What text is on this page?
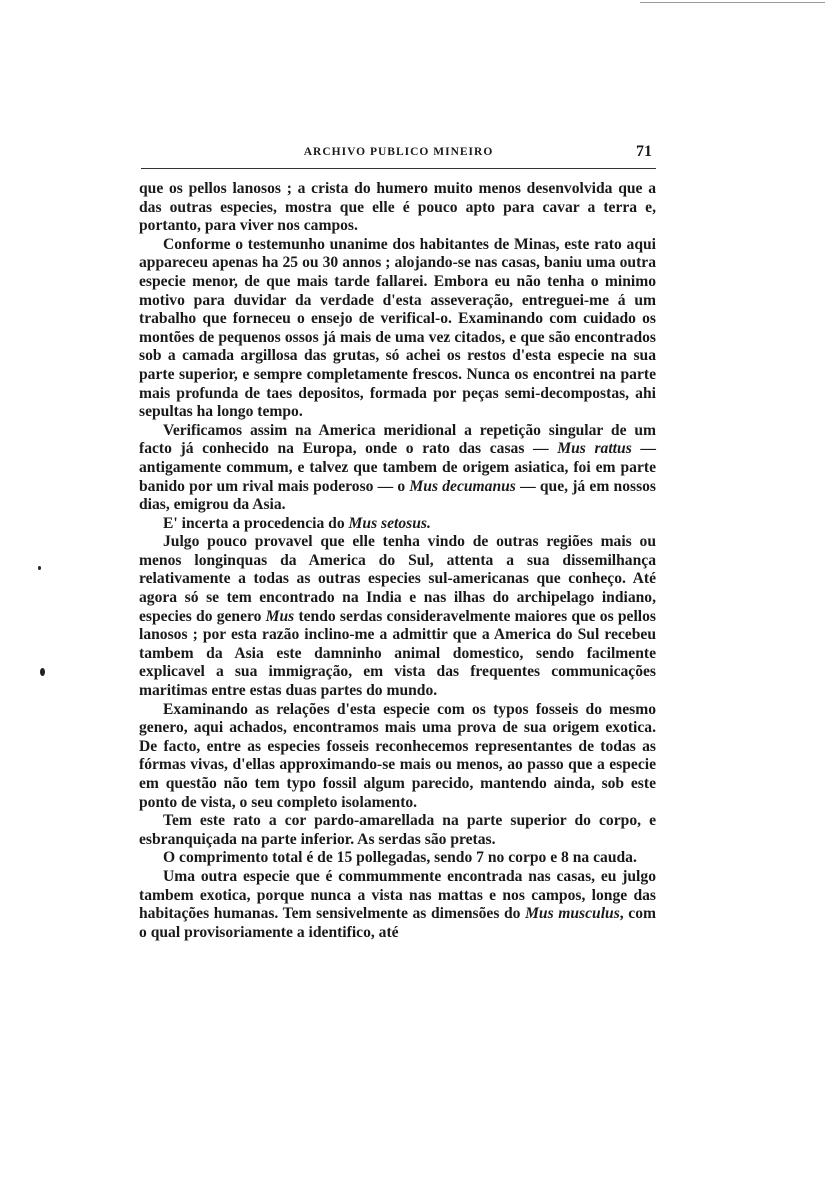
ARCHIVO PUBLICO MINEIRO	71

que os pellos lanosos ; a crista do humero muito menos desenvolvida que a das outras especies, mostra que elle é pouco apto para cavar a terra e, portanto, para viver nos campos.

Conforme o testemunho unanime dos habitantes de Minas, este rato aqui appareceu apenas ha 25 ou 30 annos ; alojando-se nas casas, baniu uma outra especie menor, de que mais tarde fallarei. Embora eu não tenha o minimo motivo para duvidar da verdade d'esta asseveração, entreguei-me á um trabalho que forneceu o ensejo de verifical-o. Examinando com cuidado os montões de pequenos ossos já mais de uma vez citados, e que são encontrados sob a camada argillosa das grutas, só achei os restos d'esta especie na sua parte superior, e sempre completamente frescos. Nunca os encontrei na parte mais profunda de taes depositos, formada por peças semi-decompostas, ahi sepultas ha longo tempo.

Verificamos assim na America meridional a repetição singular de um facto já conhecido na Europa, onde o rato das casas — Mus rattus — antigamente commum, e talvez que tambem de origem asiatica, foi em parte banido por um rival mais poderoso — o Mus decumanus — que, já em nossos dias, emigrou da Asia.

E' incerta a procedencia do Mus setosus.

Julgo pouco provavel que elle tenha vindo de outras regiões mais ou menos longinquas da America do Sul, attenta a sua dissemilhança relativamente a todas as outras especies sul-americanas que conheço. Até agora só se tem encontrado na India e nas ilhas do archipelago indiano, especies do genero Mus tendo serdas consideravelmente maiores que os pellos lanosos ; por esta razão inclino-me a admittir que a America do Sul recebeu tambem da Asia este damninho animal domestico, sendo facilmente explicavel a sua immigração, em vista das frequentes communicações maritimas entre estas duas partes do mundo.

Examinando as relações d'esta especie com os typos fosseis do mesmo genero, aqui achados, encontramos mais uma prova de sua origem exotica. De facto, entre as especies fosseis reconhecemos representantes de todas as fórmas vivas, d'ellas approximando-se mais ou menos, ao passo que a especie em questão não tem typo fossil algum parecido, mantendo ainda, sob este ponto de vista, o seu completo isolamento.

Tem este rato a cor pardo-amarellada na parte superior do corpo, e esbranquiçada na parte inferior. As serdas são pretas.

O comprimento total é de 15 pollegadas, sendo 7 no corpo e 8 na cauda.

Uma outra especie que é commummente encontrada nas casas, eu julgo tambem exotica, porque nunca a vista nas mattas e nos campos, longe das habitações humanas. Tem sensivelmente as dimensões do Mus musculus, com o qual provisoriamente a identifico, até
